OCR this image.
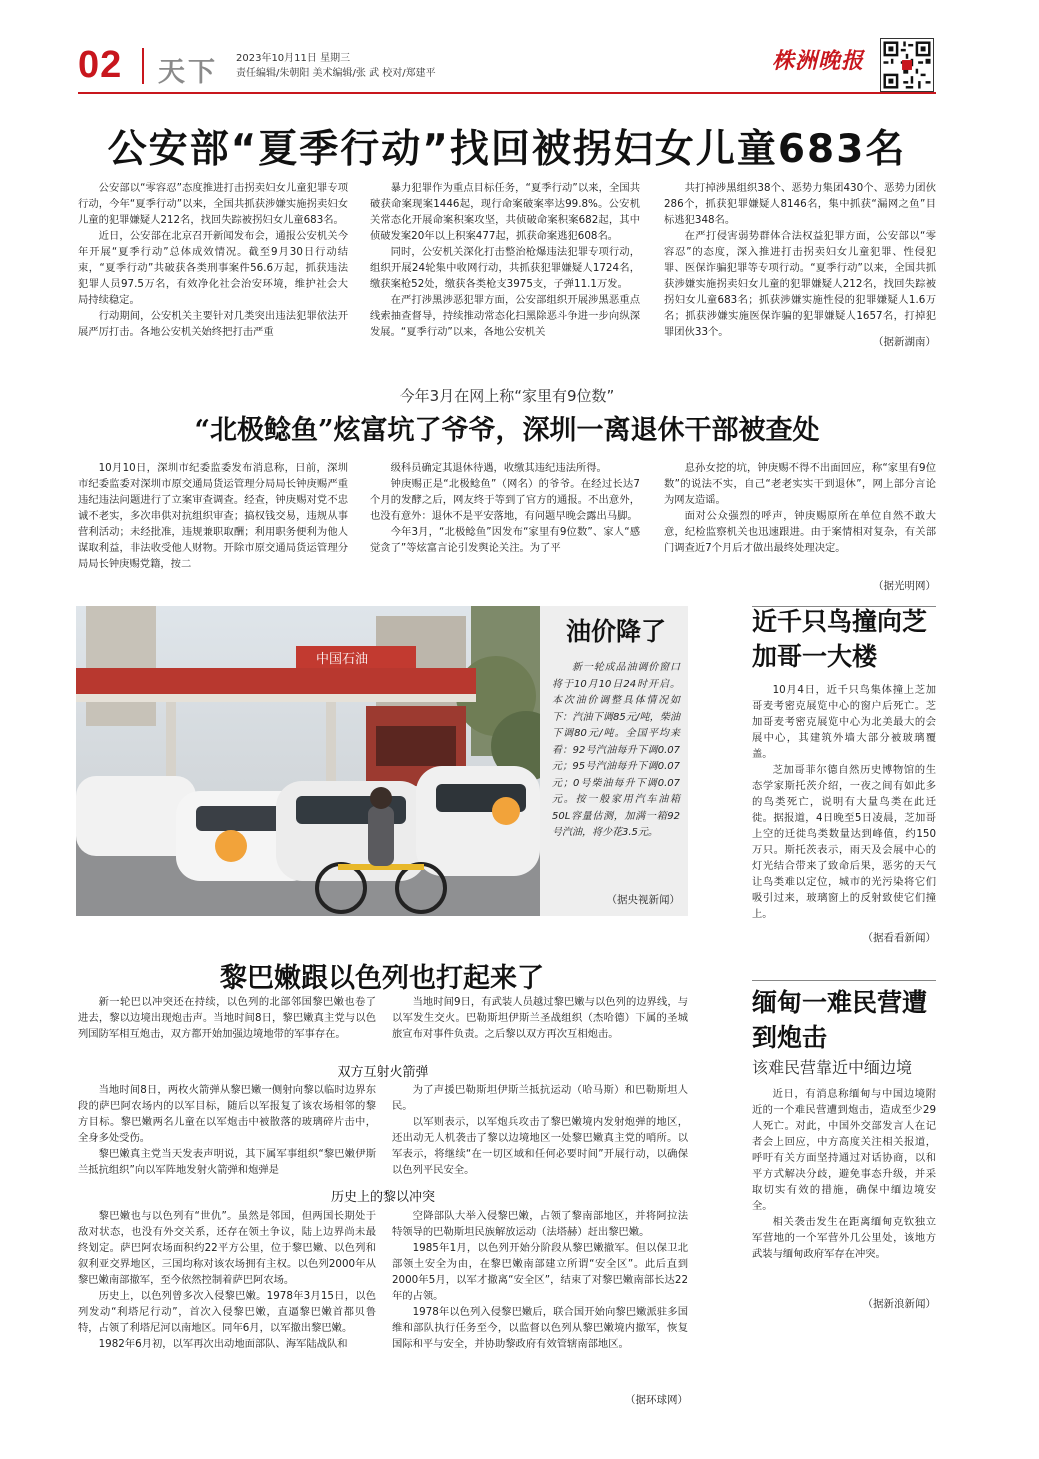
02 天下 2023年10月11日 星期三
责任编辑/朱朝阳 美术编辑/张 武 校对/郑建平	株洲晚报
公安部“夏季行动”找回被拐妇女儿童683名

公安部以“零容忍”态度推进打击拐卖妇女儿童犯罪专项行动，今年“夏季行动”以来，全国共抓获涉嫌实施拐卖妇女儿童的犯罪嫌疑人212名，找回失踪被拐妇女儿童683名。

近日，公安部在北京召开新闻发布会，通报公安机关今年开展“夏季行动”总体成效情况。截至9月30日行动结束，“夏季行动”共破获各类刑事案件56.6万起，抓获违法犯罪人员97.5万名，有效净化社会治安环境，维护社会大局持续稳定。

行动期间，公安机关主要针对几类突出违法犯罪依法开展严厉打击。各地公安机关始终把打击严重

暴力犯罪作为重点目标任务，“夏季行动”以来，全国共破获命案现案1446起，现行命案破案率达99.8%。公安机关常态化开展命案积案攻坚，共侦破命案积案682起，其中侦破发案20年以上积案477起，抓获命案逃犯608名。

同时，公安机关深化打击整治枪爆违法犯罪专项行动，组织开展24轮集中收网行动，共抓获犯罪嫌疑人1724名，缴获案枪52处，缴获各类枪支3975支，子弹11.1万发。

在严打涉黑涉恶犯罪方面，公安部组织开展涉黑恶重点线索抽查督导，持续推动常态化扫黑除恶斗争进一步向纵深发展。“夏季行动”以来，各地公安机关

共打掉涉黑组织38个、恶势力集团430个、恶势力团伙286个，抓获犯罪嫌疑人8146名，集中抓获“漏网之鱼”目标逃犯348名。

在严打侵害弱势群体合法权益犯罪方面，公安部以“零容忍”的态度，深入推进打击拐卖妇女儿童犯罪、性侵犯罪、医保诈骗犯罪等专项行动。“夏季行动”以来，全国共抓获涉嫌实施拐卖妇女儿童的犯罪嫌疑人212名，找回失踪被拐妇女儿童683名；抓获涉嫌实施性侵的犯罪嫌疑人1.6万名；抓获涉嫌实施医保诈骗的犯罪嫌疑人1657名，打掉犯罪团伙33个。

（据新湖南）
今年3月在网上称“家里有9位数”
“北极鲶鱼”炫富坑了爷爷，深圳一离退休干部被查处

10月10日，深圳市纪委监委发布消息称，日前，深圳市纪委监委对深圳市原交通局货运管理分局局长钟庚赐严重违纪违法问题进行了立案审查调查。经查，钟庚赐对党不忠诚不老实，多次串供对抗组织审查；搞权钱交易，违规从事营利活动；未经批准，违规兼职取酬；利用职务便利为他人谋取利益，非法收受他人财物。开除市原交通局货运管理分局局长钟庚赐党籍，按二

级科员确定其退休待遇，收缴其违纪违法所得。

钟庚赐正是“北极鲶鱼”（网名）的爷爷。在经过长达7个月的发酵之后，网友终于等到了官方的通报。不出意外，也没有意外：退休不是平安落地，有问题早晚会露出马脚。

今年3月，“北极鲶鱼”因发布“家里有9位数”、家人“感觉贪了”等炫富言论引发舆论关注。为了平

息孙女挖的坑，钟庚赐不得不出面回应，称“家里有9位数”的说法不实，自己“老老实实干到退休”，网上部分言论为网友造谣。

面对公众强烈的呼声，钟庚赐原所在单位自然不敢大意，纪检监察机关也迅速跟进。由于案情相对复杂，有关部门调查近7个月后才做出最终处理决定。

（据光明网）
中国石油
油价降了

新一轮成品油调价窗口将于10月10日24时开启。本次油价调整具体情况如下：汽油下调85元/吨，柴油下调80元/吨。全国平均来看：92号汽油每升下调0.07元；95号汽油每升下调0.07元；0号柴油每升下调0.07元。按一般家用汽车油箱50L容量估测，加满一箱92号汽油，将少花3.5元。

（据央视新闻）
近千只鸟撞向芝加哥一大楼

10月4日，近千只鸟集体撞上芝加哥麦考密克展览中心的窗户后死亡。芝加哥麦考密克展览中心为北美最大的会展中心，其建筑外墙大部分被玻璃覆盖。

芝加哥菲尔德自然历史博物馆的生态学家斯托茨介绍，一夜之间有如此多的鸟类死亡，说明有大量鸟类在此迁徙。据报道，4日晚至5日凌晨，芝加哥上空的迁徙鸟类数量达到峰值，约150万只。斯托茨表示，雨天及会展中心的灯光结合带来了致命后果，恶劣的天气让鸟类难以定位，城市的光污染将它们吸引过来，玻璃窗上的反射致使它们撞上。

（据看看新闻）
黎巴嫩跟以色列也打起来了

新一轮巴以冲突还在持续，以色列的北部邻国黎巴嫩也卷了进去，黎以边境出现炮击声。当地时间8日，黎巴嫩真主党与以色列国防军相互炮击，双方都开始加强边境地带的军事存在。

当地时间9日，有武装人员越过黎巴嫩与以色列的边界线，与以军发生交火。巴勒斯坦伊斯兰圣战组织（杰哈德）下属的圣城旅宣布对事件负责。之后黎以双方再次互相炮击。

双方互射火箭弹

当地时间8日，两枚火箭弹从黎巴嫩一侧射向黎以临时边界东段的萨巴阿农场内的以军目标，随后以军报复了该农场相邻的黎方目标。黎巴嫩两名儿童在以军炮击中被散落的玻璃碎片击中，全身多处受伤。

黎巴嫩真主党当天发表声明说，其下属军事组织“黎巴嫩伊斯兰抵抗组织”向以军阵地发射火箭弹和炮弹是

为了声援巴勒斯坦伊斯兰抵抗运动（哈马斯）和巴勒斯坦人民。

以军则表示，以军炮兵攻击了黎巴嫩境内发射炮弹的地区，还出动无人机袭击了黎以边境地区一处黎巴嫩真主党的哨所。以军表示，将继续“在一切区域和任何必要时间”开展行动，以确保以色列平民安全。

历史上的黎以冲突

黎巴嫩也与以色列有“世仇”。虽然是邻国，但两国长期处于敌对状态，也没有外交关系，还存在领土争议，陆上边界尚未最终划定。萨巴阿农场面积约22平方公里，位于黎巴嫩、以色列和叙利亚交界地区，三国均称对该农场拥有主权。以色列2000年从黎巴嫩南部撤军，至今依然控制着萨巴阿农场。

历史上，以色列曾多次入侵黎巴嫩。1978年3月15日，以色列发动“利塔尼行动”，首次入侵黎巴嫩，直逼黎巴嫩首都贝鲁特，占领了利塔尼河以南地区。同年6月，以军撤出黎巴嫩。

1982年6月初，以军再次出动地面部队、海军陆战队和

空降部队大举入侵黎巴嫩，占领了黎南部地区，并将阿拉法特领导的巴勒斯坦民族解放运动（法塔赫）赶出黎巴嫩。

1985年1月，以色列开始分阶段从黎巴嫩撤军。但以保卫北部领土安全为由，在黎巴嫩南部建立所谓“安全区”。此后直到2000年5月，以军才撤离“安全区”，结束了对黎巴嫩南部长达22年的占领。

1978年以色列入侵黎巴嫩后，联合国开始向黎巴嫩派驻多国维和部队执行任务至今，以监督以色列从黎巴嫩境内撤军，恢复国际和平与安全，并协助黎政府有效管辖南部地区。

（据环球网）
缅甸一难民营遭到炮击
该难民营靠近中缅边境

近日，有消息称缅甸与中国边境附近的一个难民营遭到炮击，造成至少29人死亡。对此，中国外交部发言人在记者会上回应，中方高度关注相关报道，呼吁有关方面坚持通过对话协商，以和平方式解决分歧，避免事态升级，并采取切实有效的措施，确保中缅边境安全。

相关袭击发生在距离缅甸克钦独立军营地的一个军营外几公里处，该地方武装与缅甸政府军存在冲突。

（据新浪新闻）
